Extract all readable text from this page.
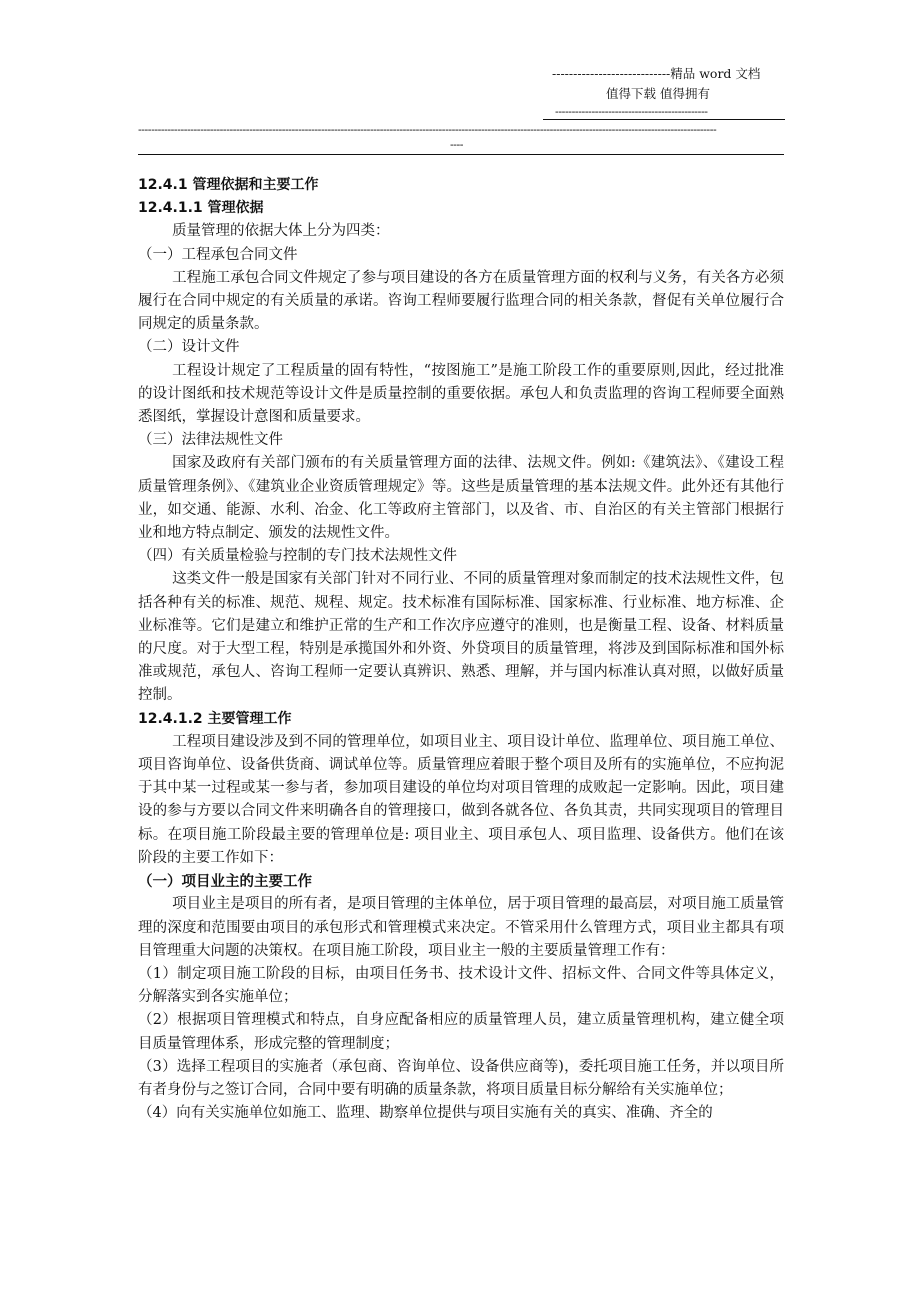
----------------------------精品 word 文档
值得下载 值得拥有
----------------------------------------------
---------------------------------------------------------------------------------------------------------------------------------------------------------------------------------
----

12.4.1 管理依据和主要工作

12.4.1.1 管理依据

质量管理的依据大体上分为四类：

（一）工程承包合同文件

工程施工承包合同文件规定了参与项目建设的各方在质量管理方面的权利与义务，有关各方必须履行在合同中规定的有关质量的承诺。咨询工程师要履行监理合同的相关条款，督促有关单位履行合同规定的质量条款。

（二）设计文件

工程设计规定了工程质量的固有特性，“按图施工”是施工阶段工作的重要原则,因此，经过批准的设计图纸和技术规范等设计文件是质量控制的重要依据。承包人和负责监理的咨询工程师要全面熟悉图纸，掌握设计意图和质量要求。

（三）法律法规性文件

国家及政府有关部门颁布的有关质量管理方面的法律、法规文件。例如:《建筑法》、《建设工程质量管理条例》、《建筑业企业资质管理规定》等。这些是质量管理的基本法规文件。此外还有其他行业，如交通、能源、水利、冶金、化工等政府主管部门，以及省、市、自治区的有关主管部门根据行业和地方特点制定、颁发的法规性文件。

（四）有关质量检验与控制的专门技术法规性文件

这类文件一般是国家有关部门针对不同行业、不同的质量管理对象而制定的技术法规性文件，包括各种有关的标准、规范、规程、规定。技术标准有国际标准、国家标准、行业标准、地方标准、企业标准等。它们是建立和维护正常的生产和工作次序应遵守的准则，也是衡量工程、设备、材料质量的尺度。对于大型工程，特别是承揽国外和外资、外贷项目的质量管理，将涉及到国际标准和国外标准或规范，承包人、咨询工程师一定要认真辨识、熟悉、理解，并与国内标准认真对照，以做好质量控制。

12.4.1.2 主要管理工作

工程项目建设涉及到不同的管理单位，如项目业主、项目设计单位、监理单位、项目施工单位、项目咨询单位、设备供货商、调试单位等。质量管理应着眼于整个项目及所有的实施单位，不应拘泥于其中某一过程或某一参与者，参加项目建设的单位均对项目管理的成败起一定影响。因此，项目建设的参与方要以合同文件来明确各自的管理接口，做到各就各位、各负其责，共同实现项目的管理目标。在项目施工阶段最主要的管理单位是: 项目业主、项目承包人、项目监理、设备供方。他们在该阶段的主要工作如下：

（一）项目业主的主要工作

项目业主是项目的所有者，是项目管理的主体单位，居于项目管理的最高层，对项目施工质量管理的深度和范围要由项目的承包形式和管理模式来决定。不管采用什么管理方式，项目业主都具有项目管理重大问题的决策权。在项目施工阶段，项目业主一般的主要质量管理工作有：

（1）制定项目施工阶段的目标，由项目任务书、技术设计文件、招标文件、合同文件等具体定义，分解落实到各实施单位；

（2）根据项目管理模式和特点，自身应配备相应的质量管理人员，建立质量管理机构，建立健全项目质量管理体系，形成完整的管理制度；

（3）选择工程项目的实施者（承包商、咨询单位、设备供应商等)，委托项目施工任务，并以项目所有者身份与之签订合同，合同中要有明确的质量条款，将项目质量目标分解给有关实施单位；

（4）向有关实施单位如施工、监理、勘察单位提供与项目实施有关的真实、准确、齐全的
